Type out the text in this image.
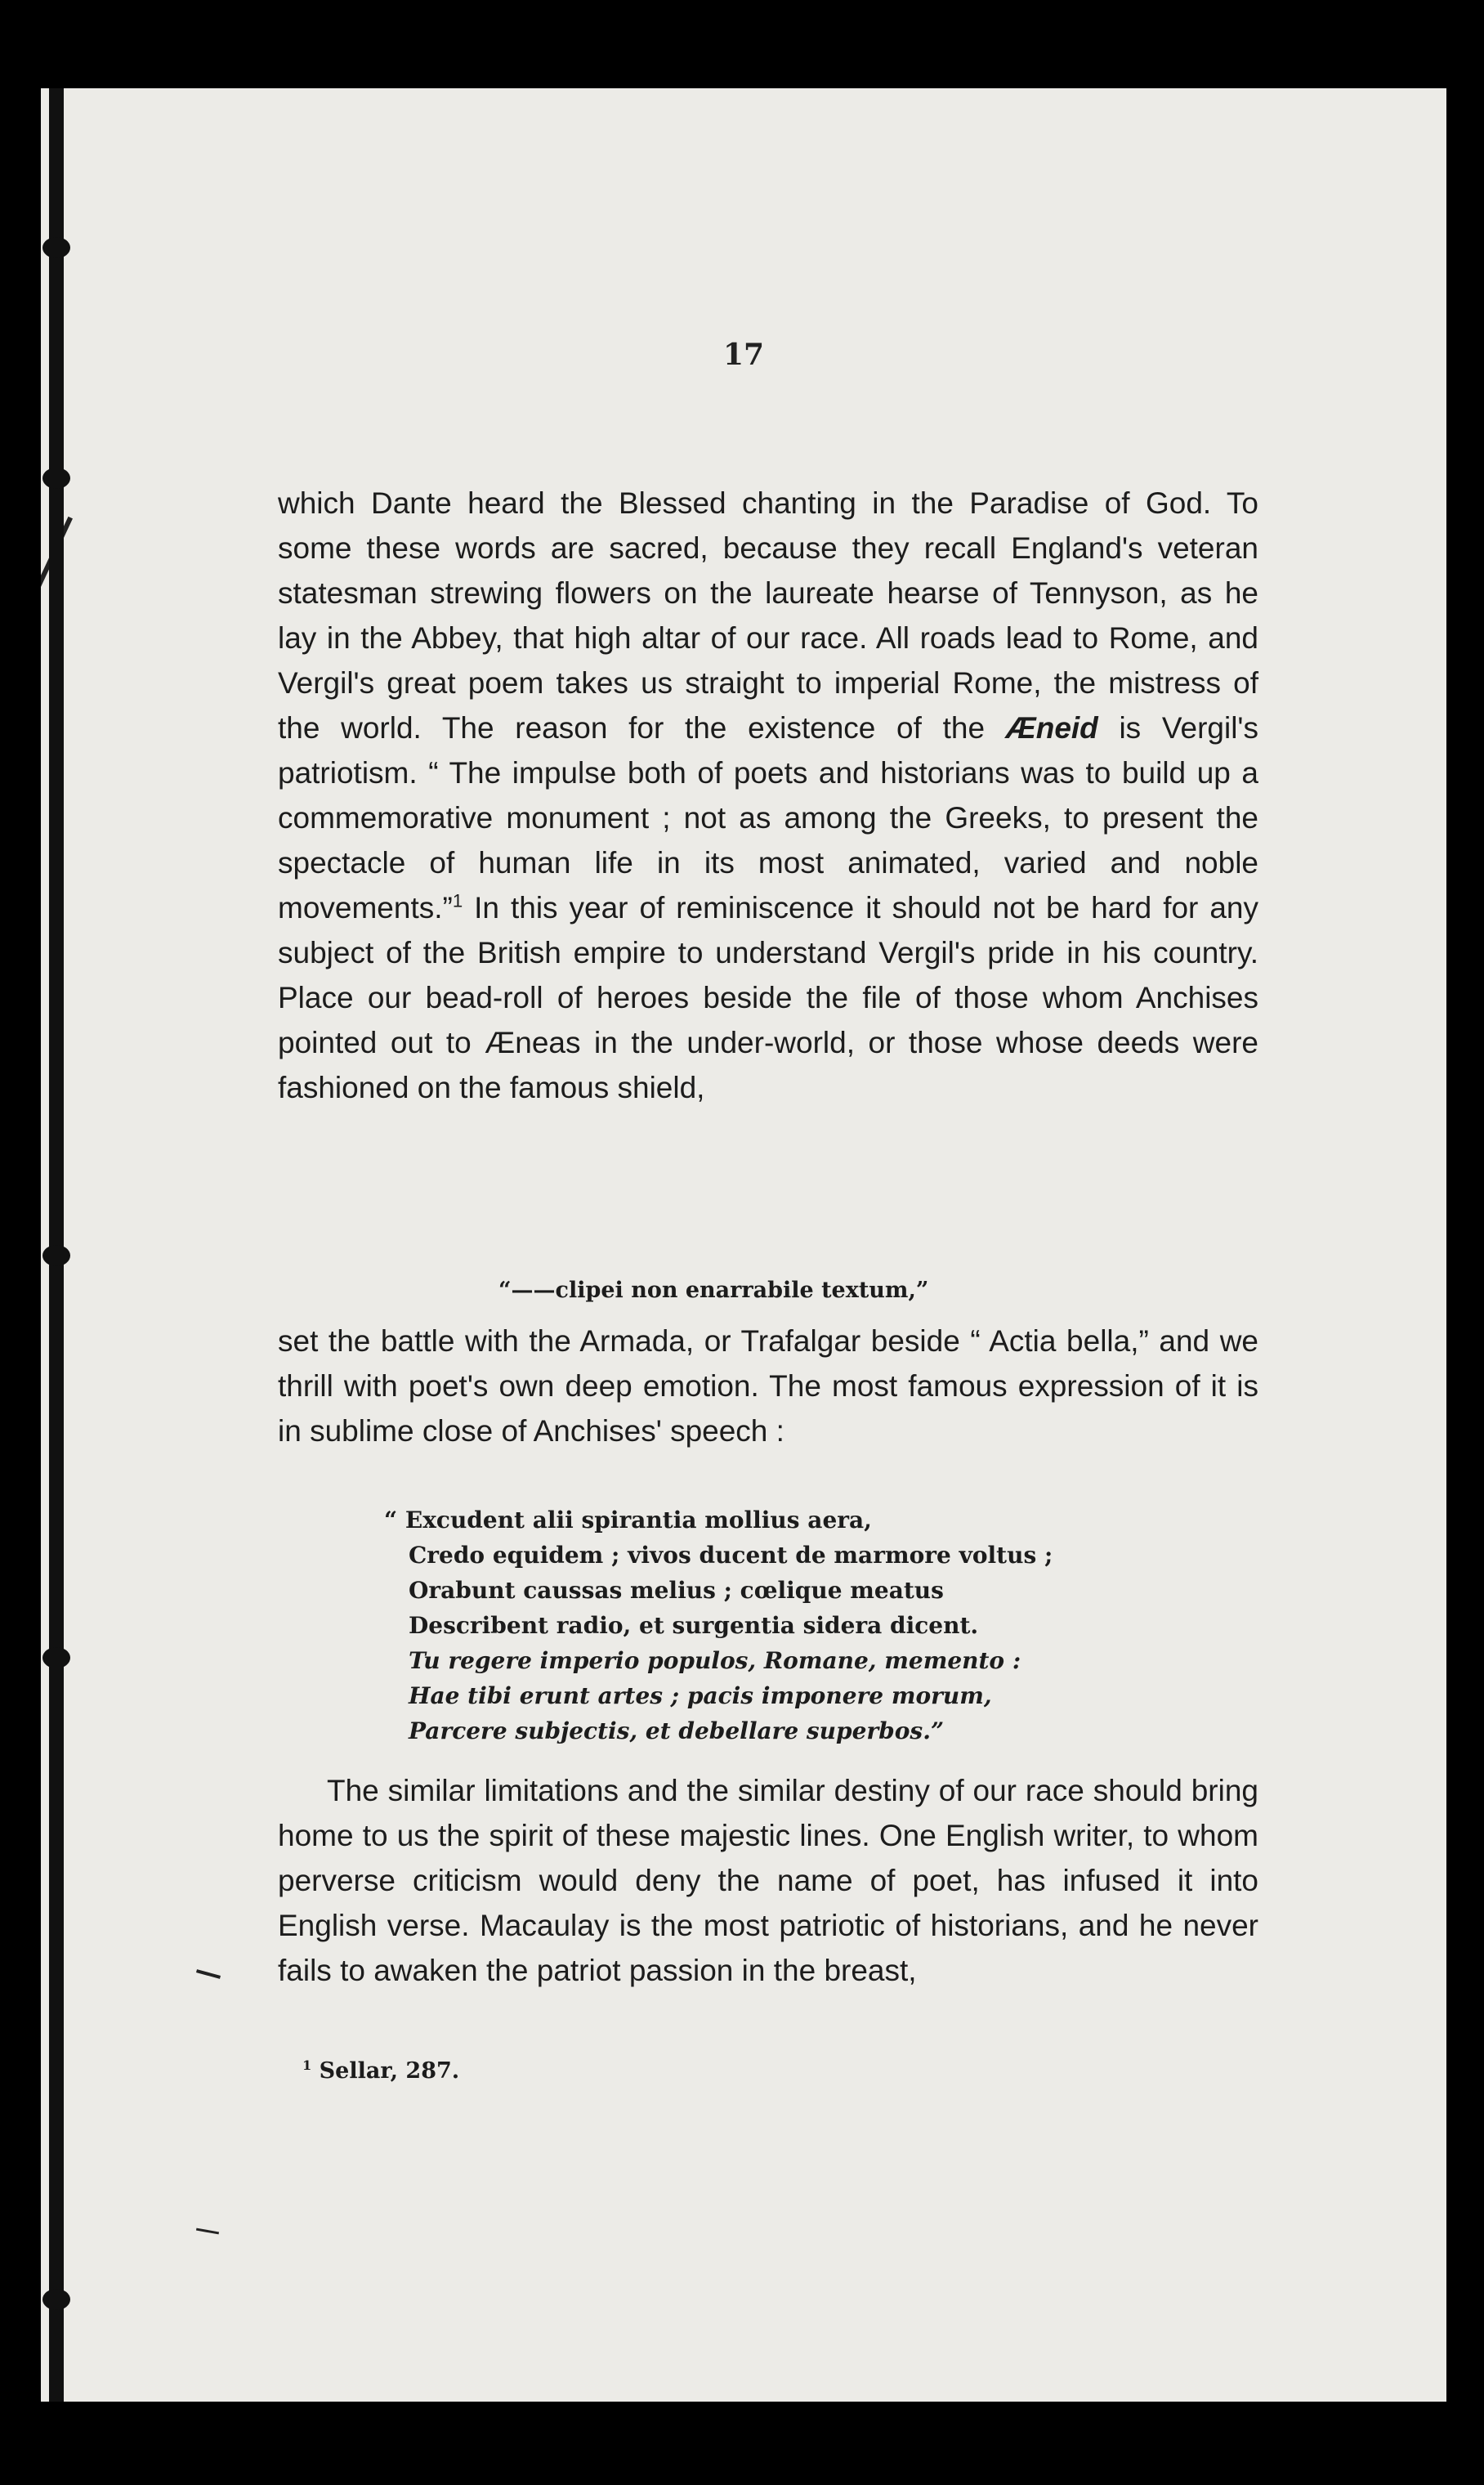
17

which Dante heard the Blessed chanting in the Paradise of God. To some these words are sacred, because they recall England's veteran statesman strewing flowers on the laureate hearse of Tennyson, as he lay in the Abbey, that high altar of our race. All roads lead to Rome, and Vergil's great poem takes us straight to imperial Rome, the mistress of the world. The reason for the existence of the Æneid is Vergil's patriotism. “ The impulse both of poets and historians was to build up a commemorative monument ; not as among the Greeks, to present the spectacle of human life in its most animated, varied and noble movements.”$^1$ In this year of reminiscence it should not be hard for any subject of the British empire to understand Vergil's pride in his country. Place our bead-roll of heroes beside the file of those whom Anchises pointed out to Æneas in the under-world, or those whose deeds were fashioned on the famous shield,

“——clipei non enarrabile textum,”

set the battle with the Armada, or Trafalgar beside “ Actia bella,” and we thrill with poet's own deep emotion. The most famous expression of it is in sublime close of Anchises' speech :

“ Excudent alii spirantia mollius aera,
Credo equidem ; vivos ducent de marmore voltus ;
Orabunt caussas melius ; cœlique meatus
Describent radio, et surgentia sidera dicent.
Tu regere imperio populos, Romane, memento :
Hae tibi erunt artes ; pacis imponere morum,
Parcere subjectis, et debellare superbos.”

The similar limitations and the similar destiny of our race should bring home to us the spirit of these majestic lines. One English writer, to whom perverse criticism would deny the name of poet, has infused it into English verse. Macaulay is the most patriotic of historians, and he never fails to awaken the patriot passion in the breast,

$^1$ Sellar, 287.
